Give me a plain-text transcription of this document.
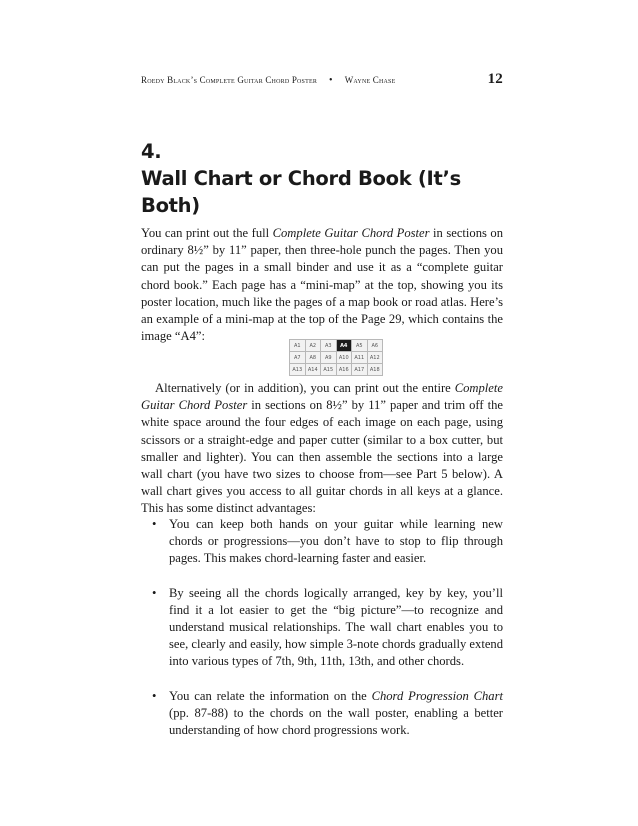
Roedy Black’s
Complete Guitar Chord Poster • Wayne Chase	12
4.
Wall Chart or Chord Book (It’s Both)
You can print out the full Complete Guitar Chord Poster in sections on ordinary 8½” by 11” paper, then three-hole punch the pages. Then you can put the pages in a small binder and use it as a “complete guitar chord book.” Each page has a “mini-map” at the top, showing you its poster location, much like the pages of a map book or road atlas. Here’s an example of a mini-map at the top of the Page 29, which contains the image “A4”:
A1	A2	A3	A4	A5	A6
A7	A8	A9	A10	A11	A12
A13	A14	A15	A16	A17	A18
Alternatively (or in addition), you can print out the entire Complete Guitar Chord Poster in sections on 8½” by 11” paper and trim off the white space around the four edges of each image on each page, using scissors or a straight-edge and paper cutter (similar to a box cutter, but smaller and lighter). You can then assemble the sections into a large wall chart (you have two sizes to choose from—see Part 5 below). A wall chart gives you access to all guitar chords in all keys at a glance. This has some distinct advantages:
• You can keep both hands on your guitar while learning new chords or progressions—you don’t have to stop to flip through pages. This makes chord-learning faster and easier.
• By seeing all the chords logically arranged, key by key, you’ll find it a lot easier to get the “big picture”—to recognize and understand musical relationships. The wall chart enables you to see, clearly and easily, how simple 3-note chords gradually extend into various types of 7th, 9th, 11th, 13th, and other chords.
• You can relate the information on the Chord Progression Chart (pp. 87-88) to the chords on the wall poster, enabling a better understanding of how chord progressions work.
